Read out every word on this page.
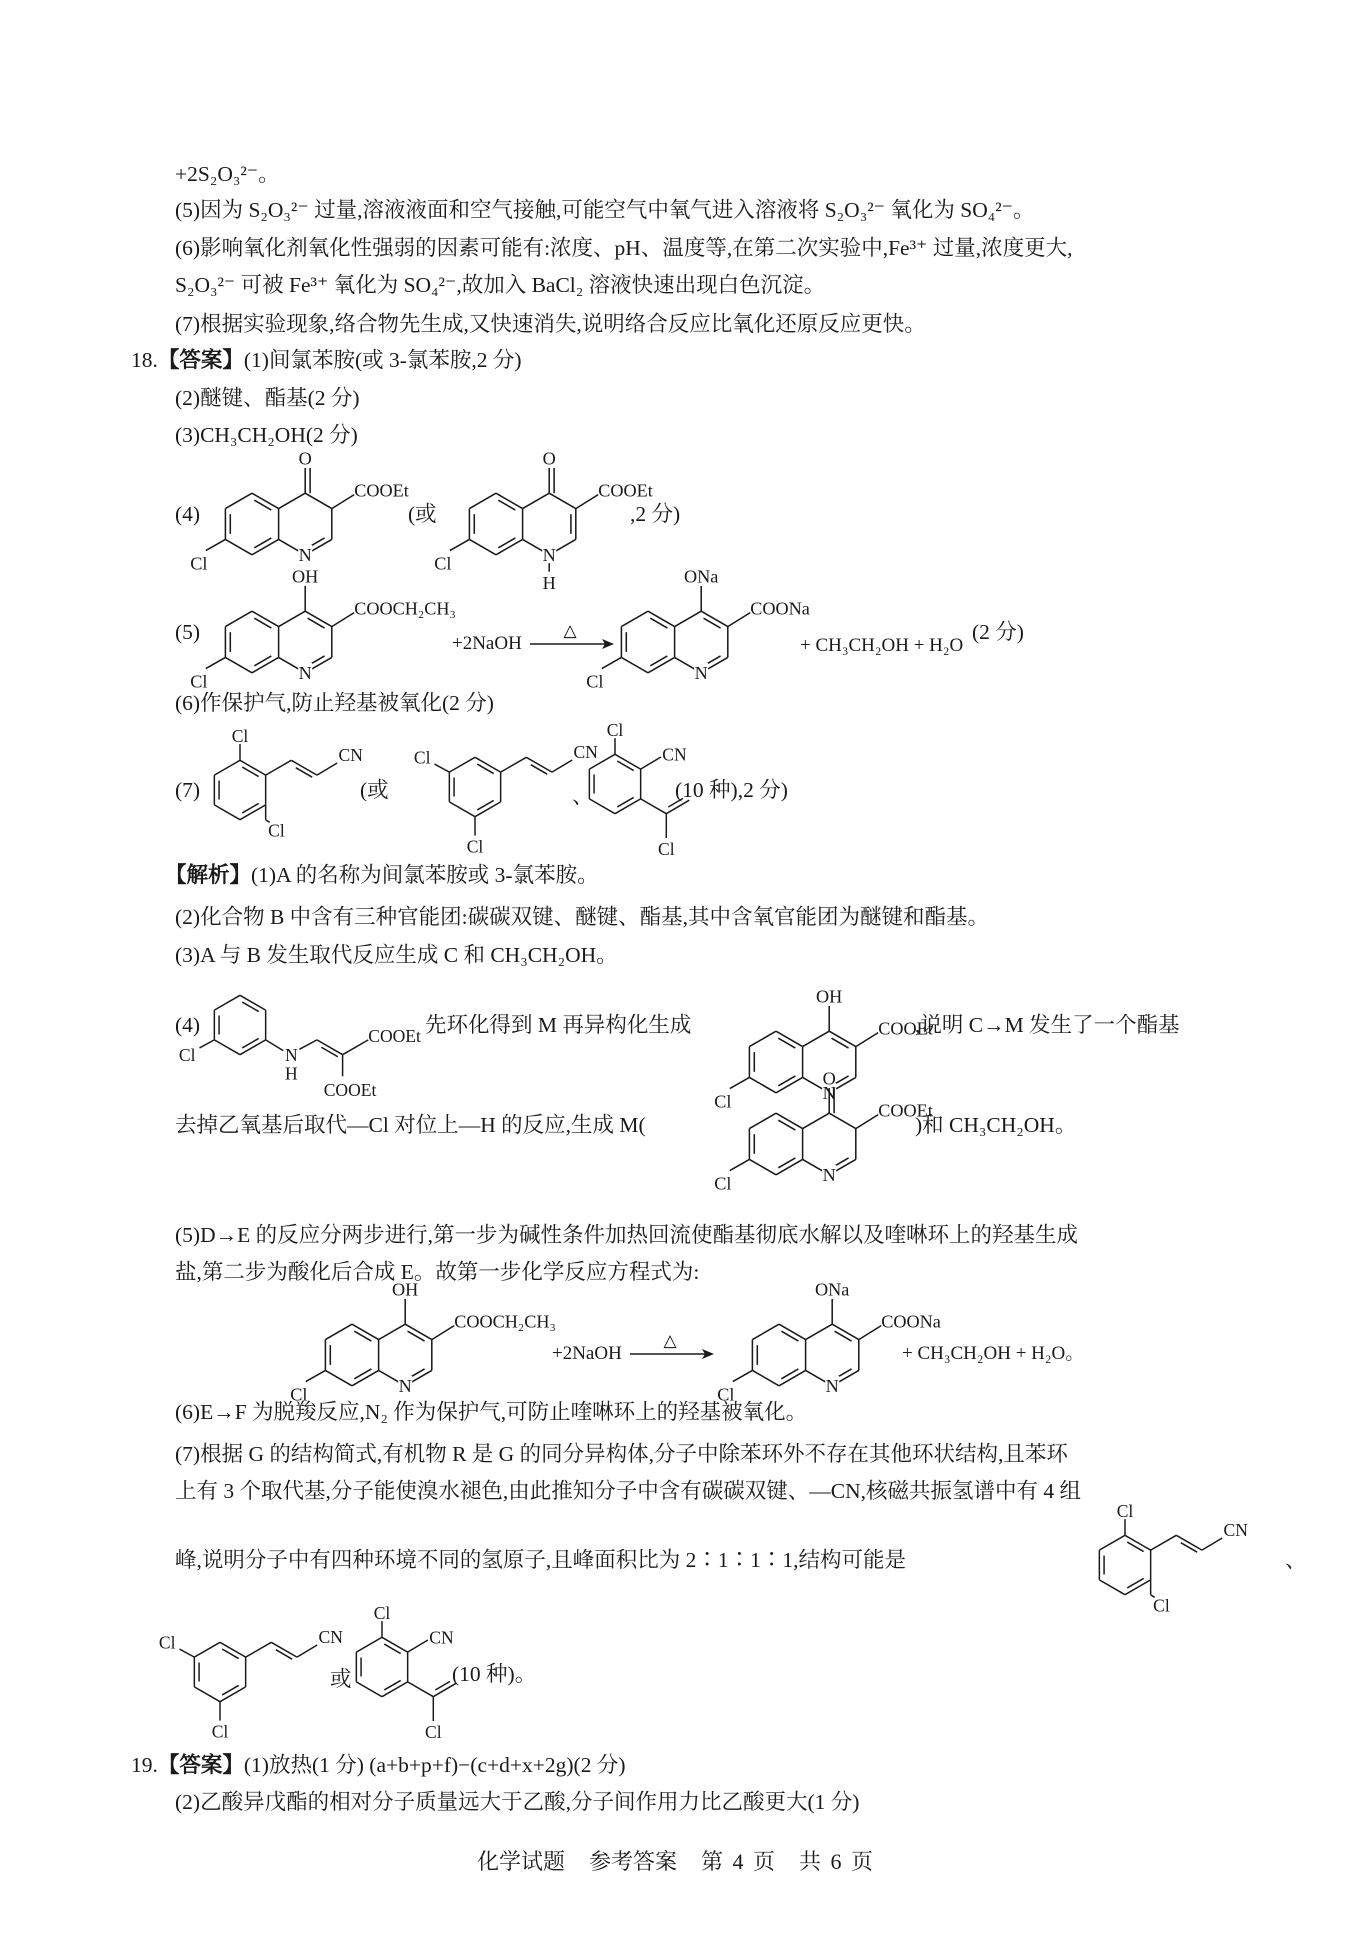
+2S₂O₃²⁻。
(5)因为 S₂O₃²⁻ 过量,溶液液面和空气接触,可能空气中氧气进入溶液将 S₂O₃²⁻ 氧化为 SO₄²⁻。
(6)影响氧化剂氧化性强弱的因素可能有:浓度、pH、温度等,在第二次实验中,Fe³⁺ 过量,浓度更大,
S₂O₃²⁻ 可被 Fe³⁺ 氧化为 SO₄²⁻,故加入 BaCl₂ 溶液快速出现白色沉淀。
(7)根据实验现象,络合物先生成,又快速消失,说明络合反应比氧化还原反应更快。
18.【答案】(1)间氯苯胺(或 3-氯苯胺,2 分)
(2)醚键、酯基(2 分)
(3)CH₃CH₂OH(2 分)
(4)
O
COOEt
Cl	N
(或
O
COOEt
Cl	N
H
,2 分)
(5)
OH
COOCH₂CH₃
Cl	N
+2NaOH
△
ONa
COONa
Cl	N
+ CH₃CH₂OH + H₂O
(2 分)
(6)作保护气,防止羟基被氧化(2 分)
(7)
Cl
Cl
CN
(或
Cl
Cl
CN
、
Cl
CN
Cl
(10 种),2 分)
【解析】(1)A 的名称为间氯苯胺或 3-氯苯胺。
(2)化合物 B 中含有三种官能团:碳碳双键、醚键、酯基,其中含氧官能团为醚键和酯基。
(3)A 与 B 发生取代反应生成 C 和 CH₃CH₂OH。
(4)
Cl	N
H
COOEt
COOEt
先环化得到 M 再异构化生成
OH
COOEt
Cl	N
,说明 C→M 发生了一个酯基
去掉乙氧基后取代—Cl 对位上—H 的反应,生成 M(
O
COOEt
Cl	N
)和 CH₃CH₂OH。
(5)D→E 的反应分两步进行,第一步为碱性条件加热回流使酯基彻底水解以及喹啉环上的羟基生成
盐,第二步为酸化后合成 E。故第一步化学反应方程式为:
OH
COOCH₂CH₃
Cl	N
+2NaOH
△
ONa
COONa
Cl	N
+ CH₃CH₂OH + H₂O。
(6)E→F 为脱羧反应,N₂ 作为保护气,可防止喹啉环上的羟基被氧化。
(7)根据 G 的结构简式,有机物 R 是 G 的同分异构体,分子中除苯环外不存在其他环状结构,且苯环
上有 3 个取代基,分子能使溴水褪色,由此推知分子中含有碳碳双键、—CN,核磁共振氢谱中有 4 组
峰,说明分子中有四种环境不同的氢原子,且峰面积比为 2∶1∶1∶1,结构可能是
Cl
Cl
CN
、
Cl
Cl
CN
或
Cl
CN
Cl
(10 种)。
19.【答案】(1)放热(1 分) (a+b+p+f)−(c+d+x+2g)(2 分)
(2)乙酸异戊酯的相对分子质量远大于乙酸,分子间作用力比乙酸更大(1 分)
化学试题 参考答案 第 4 页 共 6 页
